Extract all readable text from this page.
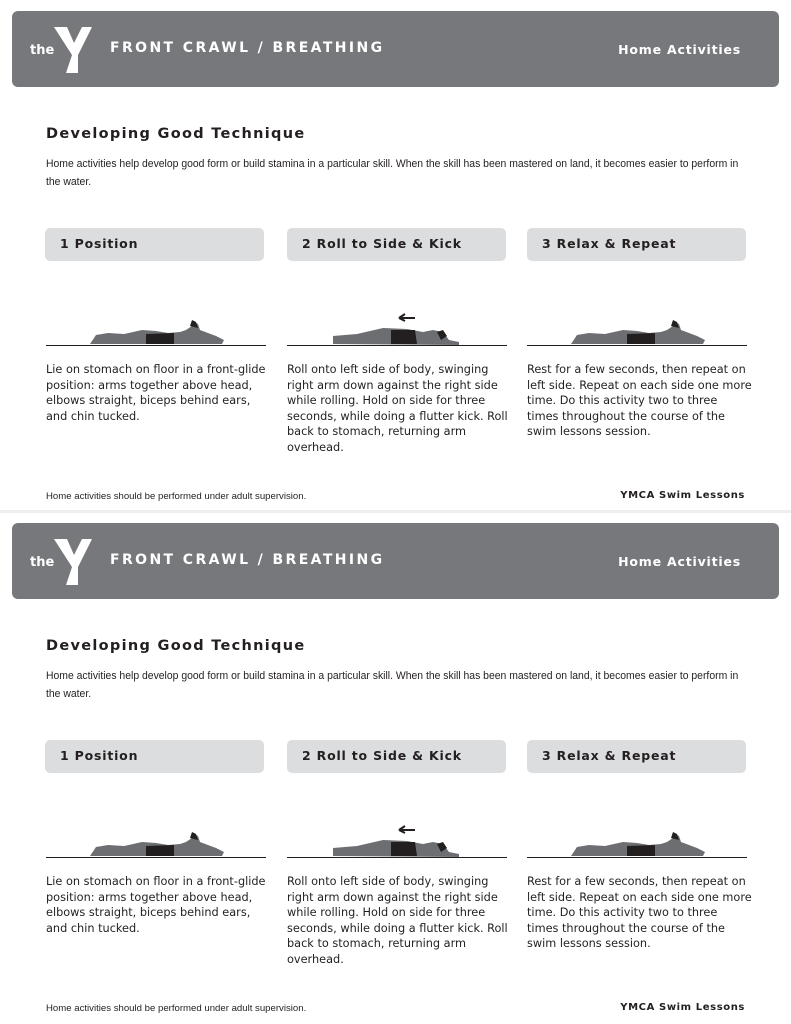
the	FRONT CRAWL / BREATHING	Home Activities
Developing Good Technique
Home activities help develop good form or build stamina in a particular skill. When the skill has been mastered on land, it becomes easier to perform in the water.
1 Position	2 Roll to Side & Kick	3 Relax & Repeat
Lie on stomach on floor in a front-glide position: arms together above head, elbows straight, biceps behind ears, and chin tucked.
Roll onto left side of body, swinging right arm down against the right side while rolling. Hold on side for three seconds, while doing a flutter kick. Roll back to stomach, returning arm overhead.
Rest for a few seconds, then repeat on left side. Repeat on each side one more time. Do this activity two to three times throughout the course of the swim lessons session.
Home activities should be performed under adult supervision.	YMCA Swim Lessons
the	FRONT CRAWL / BREATHING	Home Activities
Developing Good Technique
Home activities help develop good form or build stamina in a particular skill. When the skill has been mastered on land, it becomes easier to perform in the water.
1 Position	2 Roll to Side & Kick	3 Relax & Repeat
Lie on stomach on floor in a front-glide position: arms together above head, elbows straight, biceps behind ears, and chin tucked.
Roll onto left side of body, swinging right arm down against the right side while rolling. Hold on side for three seconds, while doing a flutter kick. Roll back to stomach, returning arm overhead.
Rest for a few seconds, then repeat on left side. Repeat on each side one more time. Do this activity two to three times throughout the course of the swim lessons session.
Home activities should be performed under adult supervision.	YMCA Swim Lessons
